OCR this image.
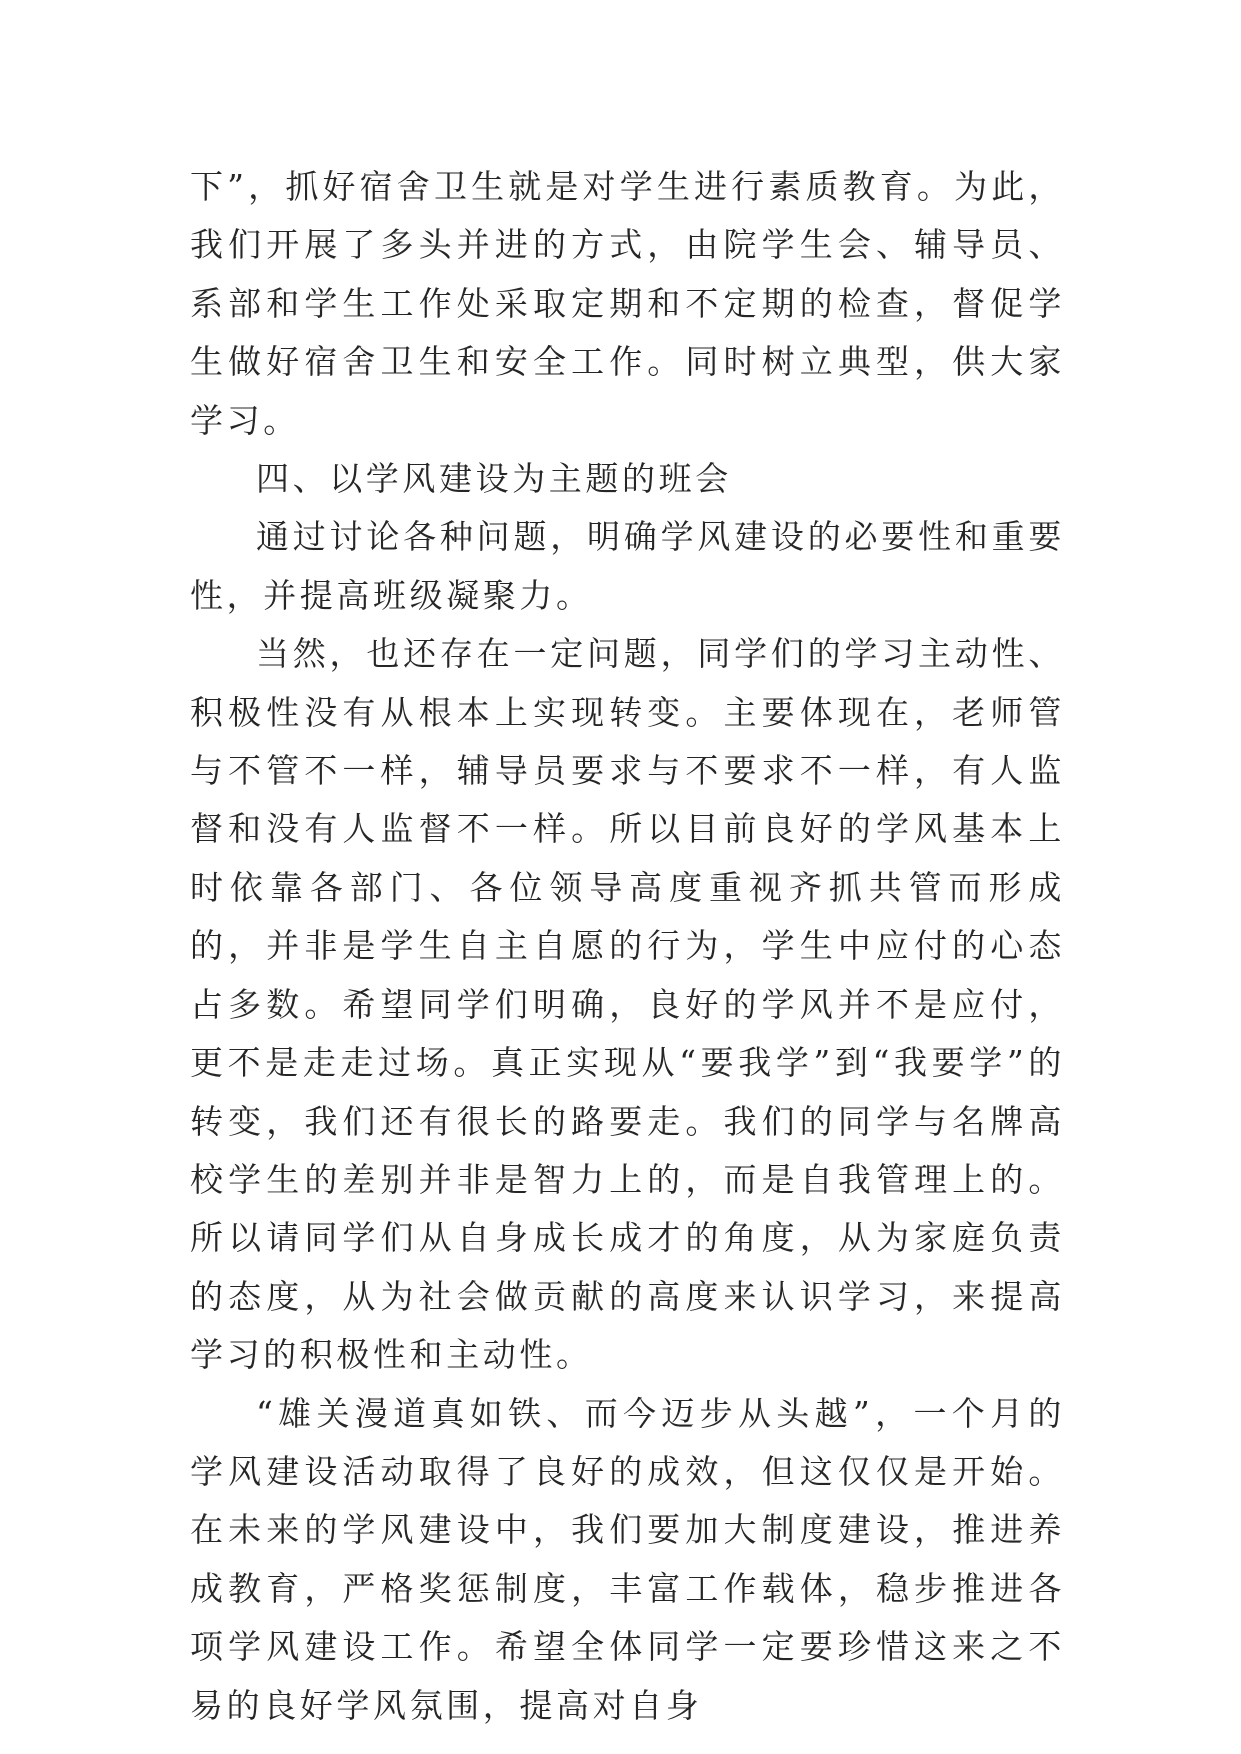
下”，抓好宿舍卫生就是对学生进行素质教育。为此，我们开展了多头并进的方式，由院学生会、辅导员、系部和学生工作处采取定期和不定期的检查，督促学生做好宿舍卫生和安全工作。同时树立典型，供大家学习。

四、以学风建设为主题的班会

通过讨论各种问题，明确学风建设的必要性和重要性，并提高班级凝聚力。

当然，也还存在一定问题，同学们的学习主动性、积极性没有从根本上实现转变。主要体现在，老师管与不管不一样，辅导员要求与不要求不一样，有人监督和没有人监督不一样。所以目前良好的学风基本上时依靠各部门、各位领导高度重视齐抓共管而形成的，并非是学生自主自愿的行为，学生中应付的心态占多数。希望同学们明确，良好的学风并不是应付，更不是走走过场。真正实现从“要我学”到“我要学”的转变，我们还有很长的路要走。我们的同学与名牌高校学生的差别并非是智力上的，而是自我管理上的。所以请同学们从自身成长成才的角度，从为家庭负责的态度，从为社会做贡献的高度来认识学习，来提高学习的积极性和主动性。

“雄关漫道真如铁、而今迈步从头越”，一个月的学风建设活动取得了良好的成效，但这仅仅是开始。在未来的学风建设中，我们要加大制度建设，推进养成教育，严格奖惩制度，丰富工作载体，稳步推进各项学风建设工作。希望全体同学一定要珍惜这来之不易的良好学风氛围，提高对自身
